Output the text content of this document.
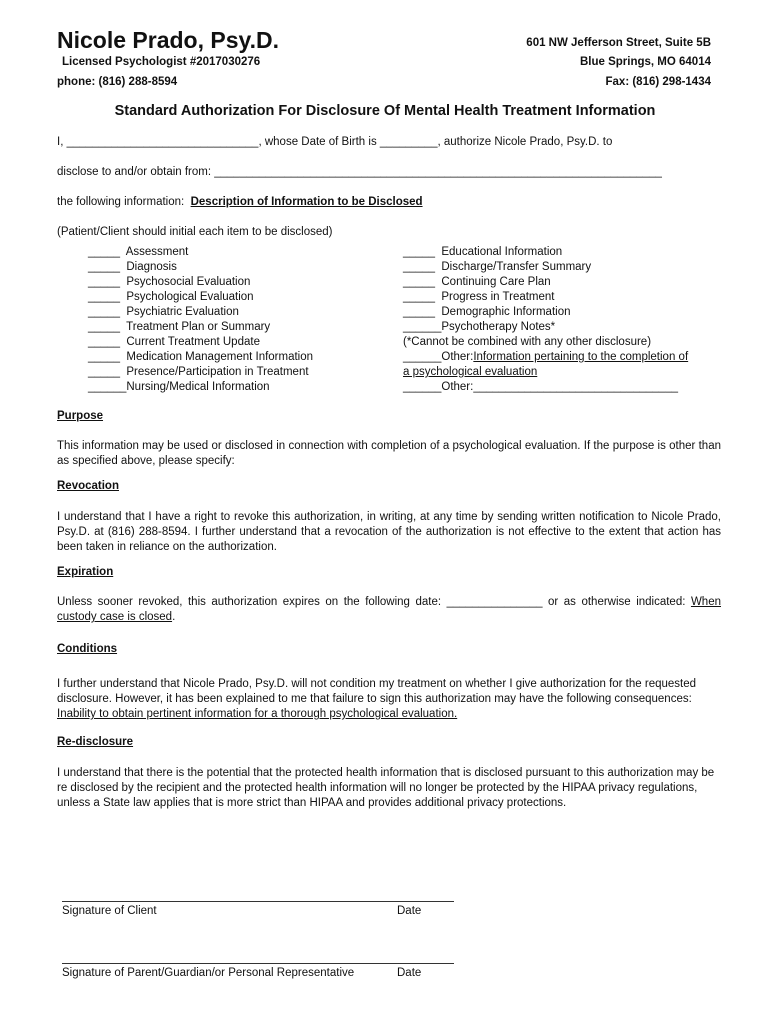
Nicole Prado, Psy.D.
Licensed Psychologist #2017030276
phone: (816) 288-8594
601 NW Jefferson Street, Suite 5B
Blue Springs, MO 64014
Fax: (816) 298-1434
Standard Authorization For Disclosure Of Mental Health Treatment Information
I, ______________________________, whose Date of Birth is _________, authorize Nicole Prado, Psy.D. to
disclose to and/or obtain from: ______________________________________________________________________
the following information: Description of Information to be Disclosed
(Patient/Client should initial each item to be disclosed)
_____  Assessment
_____  Diagnosis
_____  Psychosocial Evaluation
_____  Psychological Evaluation
_____  Psychiatric Evaluation
_____  Treatment Plan or Summary
_____  Current Treatment Update
_____  Medication Management Information
_____  Presence/Participation in Treatment
______Nursing/Medical Information
_____  Educational Information
_____  Discharge/Transfer Summary
_____  Continuing Care Plan
_____  Progress in Treatment
_____  Demographic Information
______Psychotherapy Notes*
(*Cannot be combined with any other disclosure)
______Other:Information pertaining to the completion of
a psychological evaluation
______Other:________________________________
Purpose
This information may be used or disclosed in connection with completion of a psychological evaluation. If the purpose is other than as specified above, please specify:
Revocation
I understand that I have a right to revoke this authorization, in writing, at any time by sending written notification to Nicole Prado, Psy.D. at (816) 288-8594. I further understand that a revocation of the authorization is not effective to the extent that action has been taken in reliance on the authorization.
Expiration
Unless sooner revoked, this authorization expires on the following date: _______________ or as otherwise indicated: When custody case is closed.
Conditions
I further understand that Nicole Prado, Psy.D. will not condition my treatment on whether I give authorization for the requested disclosure. However, it has been explained to me that failure to sign this authorization may have the following consequences: Inability to obtain pertinent information for a thorough psychological evaluation.
Re-disclosure
I understand that there is the potential that the protected health information that is disclosed pursuant to this authorization may be re disclosed by the recipient and the protected health information will no longer be protected by the HIPAA privacy regulations, unless a State law applies that is more strict than HIPAA and provides additional privacy protections.
Signature of Client	Date
Signature of Parent/Guardian/or Personal Representative	Date
